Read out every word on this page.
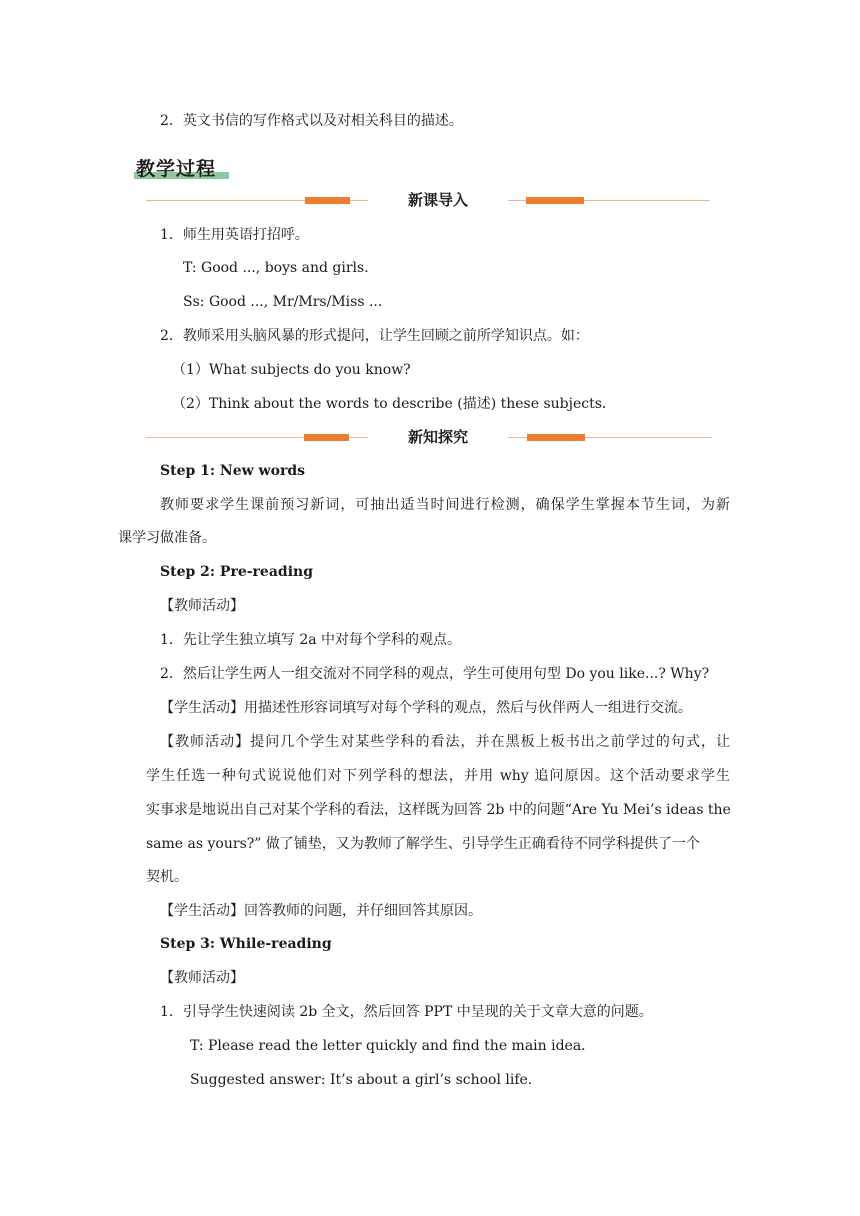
2．英文书信的写作格式以及对相关科目的描述。
教学过程
新课导入
1．师生用英语打招呼。
T: Good ..., boys and girls．
Ss: Good ..., Mr/Mrs/Miss ...
2．教师采用头脑风暴的形式提问，让学生回顾之前所学知识点。如：
（1）What subjects do you know?
（2）Think about the words to describe (描述) these subjects．
新知探究
Step 1: New words
教师要求学生课前预习新词，可抽出适当时间进行检测，确保学生掌握本节生词，为新
课学习做准备。
Step 2: Pre-reading
【教师活动】
1．先让学生独立填写 2a 中对每个学科的观点。
2．然后让学生两人一组交流对不同学科的观点，学生可使用句型 Do you like...? Why?
【学生活动】用描述性形容词填写对每个学科的观点，然后与伙伴两人一组进行交流。
【教师活动】提问几个学生对某些学科的看法，并在黑板上板书出之前学过的句式，让
学生任选一种句式说说他们对下列学科的想法，并用 why 追问原因。这个活动要求学生
实事求是地说出自己对某个学科的看法，这样既为回答 2b 中的问题“Are Yu Mei’s ideas the
same as yours?” 做了铺垫，又为教师了解学生、引导学生正确看待不同学科提供了一个
契机。
【学生活动】回答教师的问题，并仔细回答其原因。
Step 3: While-reading
【教师活动】
1．引导学生快速阅读 2b 全文，然后回答 PPT 中呈现的关于文章大意的问题。
T: Please read the letter quickly and find the main idea．
Suggested answer: It’s about a girl’s school life．
